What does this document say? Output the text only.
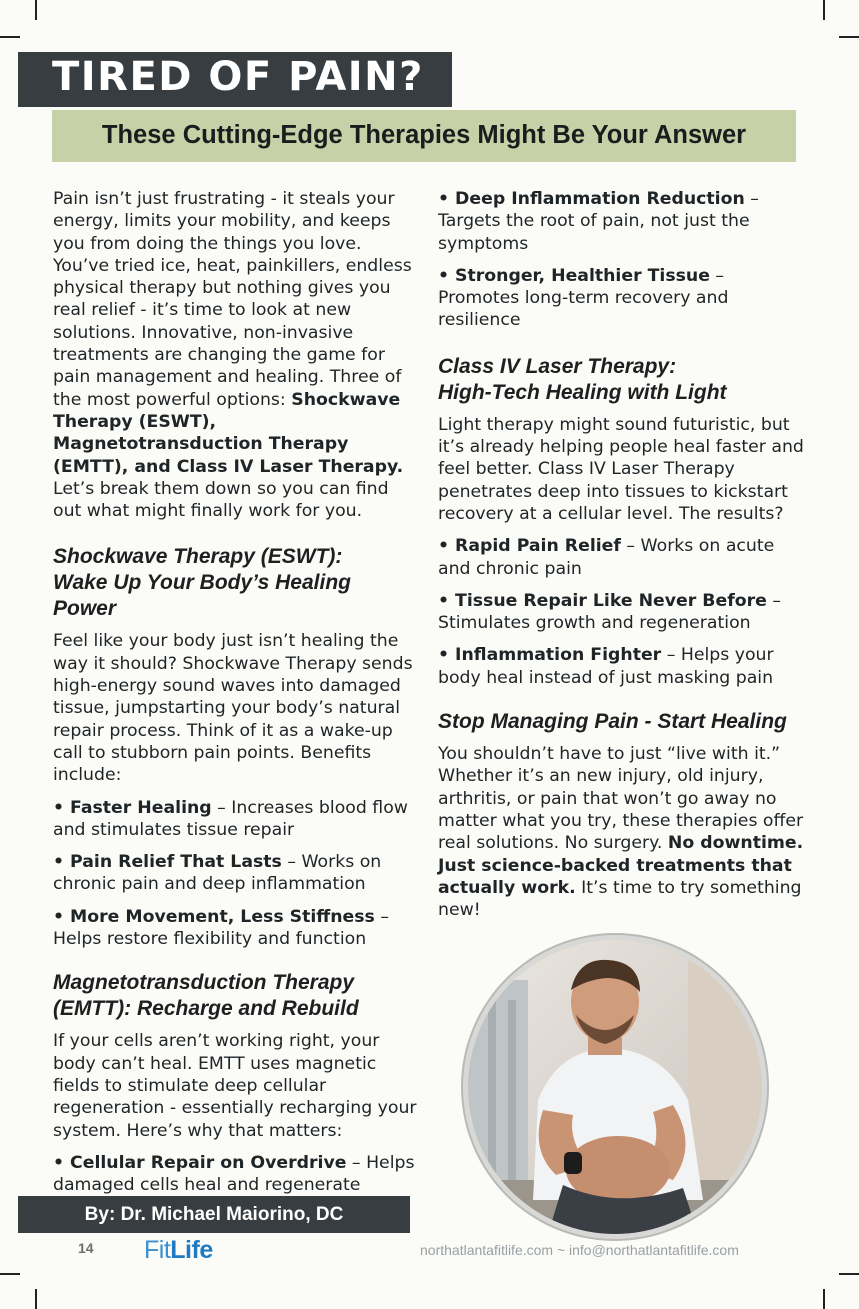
TIRED OF PAIN?
These Cutting-Edge Therapies Might Be Your Answer

Pain isn’t just frustrating - it steals your energy, limits your mobility, and keeps you from doing the things you love. You’ve tried ice, heat, painkillers, endless physical therapy but nothing gives you real relief - it’s time to look at new solutions. Innovative, non-invasive treatments are changing the game for pain management and healing. Three of the most powerful options: Shockwave Therapy (ESWT), Magnetotransduction Therapy (EMTT), and Class IV Laser Therapy. Let’s break them down so you can find out what might finally work for you.

Shockwave Therapy (ESWT):
Wake Up Your Body’s Healing Power

Feel like your body just isn’t healing the way it should? Shockwave Therapy sends high-energy sound waves into damaged tissue, jumpstarting your body’s natural repair process. Think of it as a wake-up call to stubborn pain points. Benefits include:

• Faster Healing – Increases blood flow and stimulates tissue repair

• Pain Relief That Lasts – Works on chronic pain and deep inflammation

• More Movement, Less Stiffness – Helps restore flexibility and function

Magnetotransduction Therapy
(EMTT): Recharge and Rebuild

If your cells aren’t working right, your body can’t heal. EMTT uses magnetic fields to stimulate deep cellular regeneration - essentially recharging your system. Here’s why that matters:

• Cellular Repair on Overdrive – Helps damaged cells heal and regenerate

• Deep Inflammation Reduction – Targets the root of pain, not just the symptoms

• Stronger, Healthier Tissue – Promotes long-term recovery and resilience

Class IV Laser Therapy:
High-Tech Healing with Light

Light therapy might sound futuristic, but it’s already helping people heal faster and feel better. Class IV Laser Therapy penetrates deep into tissues to kickstart recovery at a cellular level. The results?

• Rapid Pain Relief – Works on acute and chronic pain

• Tissue Repair Like Never Before – Stimulates growth and regeneration

• Inflammation Fighter – Helps your body heal instead of just masking pain

Stop Managing Pain - Start Healing

You shouldn’t have to just “live with it.” Whether it’s an new injury, old injury, arthritis, or pain that won’t go away no matter what you try, these therapies offer real solutions. No surgery. No downtime. Just science-backed treatments that actually work. It’s time to try something new!

By: Dr. Michael Maiorino, DC
14 FitLife	northatlantafitlife.com ~ info@northatlantafitlife.com
